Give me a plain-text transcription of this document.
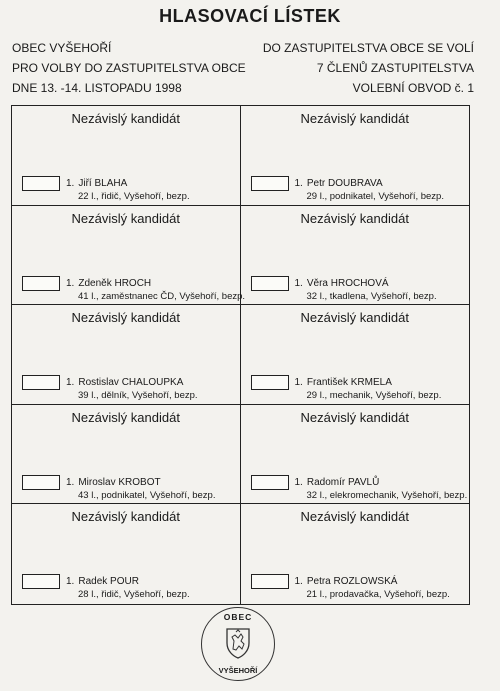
HLASOVACÍ LÍSTEK
OBEC VYŠEHOŘÍ
PRO VOLBY DO ZASTUPITELSTVA OBCE
DNE 13. -14. LISTOPADU 1998
DO ZASTUPITELSTVA OBCE SE VOLÍ
7 ČLENŮ ZASTUPITELSTVA
VOLEBNÍ OBVOD č. 1
Nezávislý kandidát
1. Jiří BLAHA
22 l., řidič, Vyšehoří, bezp.
Nezávislý kandidát
1. Petr DOUBRAVA
29 l., podnikatel, Vyšehoří, bezp.
Nezávislý kandidát
1. Zdeněk HROCH
41 l., zaměstnanec ČD, Vyšehoří, bezp.
Nezávislý kandidát
1. Věra HROCHOVÁ
32 l., tkadlena, Vyšehoří, bezp.
Nezávislý kandidát
1. Rostislav CHALOUPKA
39 l., dělník, Vyšehoří, bezp.
Nezávislý kandidát
1. František KRMELA
29 l., mechanik, Vyšehoří, bezp.
Nezávislý kandidát
1. Miroslav KROBOT
43 l., podnikatel, Vyšehoří, bezp.
Nezávislý kandidát
1. Radomír PAVLŮ
32 l., elekromechanik, Vyšehoří, bezp.
Nezávislý kandidát
1. Radek POUR
28 l., řidič, Vyšehoří, bezp.
Nezávislý kandidát
1. Petra ROZLOWSKÁ
21 l., prodavačka, Vyšehoří, bezp.
OBEC
VYŠEHOŘÍ
